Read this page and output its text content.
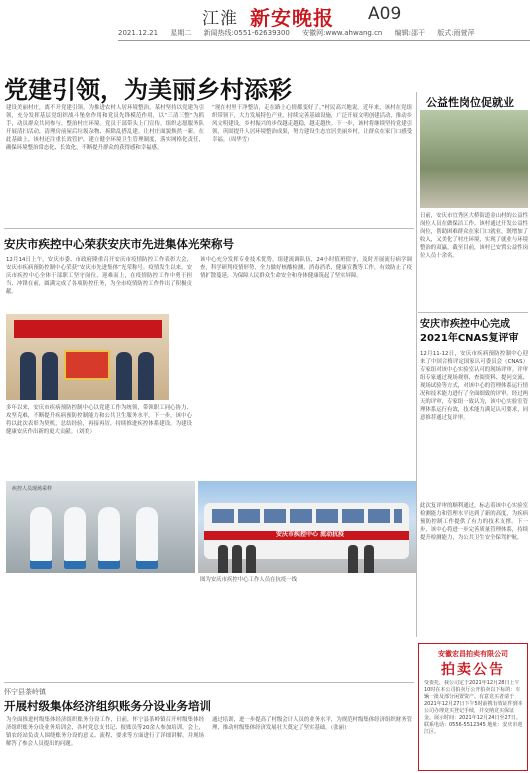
江淮 新安晚报 A09
2021.12.21 星期二 新闻热线:0551-62639300 安徽网:www.ahwang.cn 编辑:邵干 版式:雨萱萍
党建引领，为美丽乡村添彩
建设美丽村庄，离不开党建引领。为推进农村人居环境整治，某村坚持以党建为引领，充分发挥基层党组织战斗堡垒作用和党员先锋模范作用，以“三清三整”为抓手，动员群众共同参与，整治村庄环境。党员干部带头上门宣传，组织志愿服务队开展清扫活动，清理房前屋后垃圾杂物、拆除乱搭乱建，让村庄面貌焕然一新。在此基础上，该村还注重长效管护，建立健全环境卫生管理制度，落实网格化责任，确保环境整治常态化、长效化，不断提升群众的获得感和幸福感。
“现在村里干净整洁，走在路上心情都变好了。”村民高兴地说。近年来，该村在党组织带领下，大力发展特色产业，持续完善基础设施，广泛开展文明创建活动，推动乡风文明建设，乡村振兴的步伐越走越稳，越走越快。下一步，该村将继续坚持党建引领，巩固提升人居环境整治成果，努力建设生态宜居美丽乡村，让群众在家门口感受幸福。（周华雪）
公益性岗位促就业
日前，安庆市宜秀区大桥街道金山村的公益性岗位人员在做保洁工作。该村通过开发公益性岗位，帮助困难群众在家门口就业，既增加了收入，又美化了村庄环境，实现了就业与环境整治的双赢。截至目前，该村已安置公益性岗位人员十余名。
安庆市疾控中心荣获安庆市先进集体光荣称号
12月14日上午，安庆市委、市政府隆重召开安庆市疫情防控工作表彰大会，安庆市疾病预防控制中心荣获“安庆市先进集体”光荣称号。疫情发生以来，安庆市疾控中心全体干部职工坚守岗位，迎难而上，在疫情防控工作中勇于担当、冲锋在前，圆满完成了各项防控任务，为全市疫情防控工作作出了积极贡献。
该中心充分发挥专业技术优势，组建流调队伍，24小时值班值守，及时开展流行病学调查，科学研判疫情形势，全力做好核酸检测、消毒消杀、健康宣教等工作，有效防止了疫情扩散蔓延，为保障人民群众生命安全和身体健康筑起了坚实屏障。
多年以来，安庆市疾病预防控制中心以党建工作为统领，带领职工同心协力、攻坚克难，不断提升疾病预防控制能力和公共卫生服务水平。下一步，该中心将以此次表彰为契机，总结经验，再接再厉，持续推进疾控体系建设，为建设健康安庆作出新的更大贡献。（刘美）
安庆市疾控中心完成2021年CNAS复评审
12月11-12日，安庆市疾病预防控制中心迎来了中国合格评定国家认可委员会（CNAS）专家组对该中心实验室认可的现场评审。评审组专家通过现场观察、查阅资料、提问交流、现场试验等方式，对该中心的管理体系运行情况和技术能力进行了全面细致的评审。经过两天的评审，专家组一致认为，该中心实验室管理体系运行有效，技术能力满足认可要求，同意推荐通过复评审。
此次复评审的顺利通过，标志着该中心实验室检测能力和管理水平达到了新的高度，为疾病预防控制工作提供了有力的技术支撑。下一步，该中心将进一步完善质量管理体系，持续提升检测能力，为公共卫生安全保驾护航。
安庆市疾控中心 流动抗疫
图为安庆市疾控中心工作人员在抗疫一线
疾控人员现场采样
怀宁县茶岭镇
开展村级集体经济组织账务分设业务培训
为全面推进村级集体经济组织账务分设工作，日前，怀宁县茶岭镇召开村级集体经济组织账务分设业务培训会，各村党总支书记、报账员等20余人参加培训。会上，镇农经站负责人围绕账务分设的意义、流程、要求等方面进行了详细讲解，并现场解答了参会人员提出的问题。
通过培训，进一步提高了村级会计人员的业务水平，为规范村级集体经济组织财务管理、推动村级集体经济发展壮大奠定了坚实基础。（张丽）
安徽宏昌拍卖有限公司
拍卖公告
受委托，我公司定于2021年12月28日上午10时在本公司拍卖厅公开拍卖以下标的：车辆一批及部分闲置资产。有意竞买者请于2021年12月27日下午5时前携有效证件到本公司办理竞买登记手续，并交纳竞买保证金。展示时间：2021年12月24日至27日。联系电话：0556-5512345 地址：安庆市迎江区。
